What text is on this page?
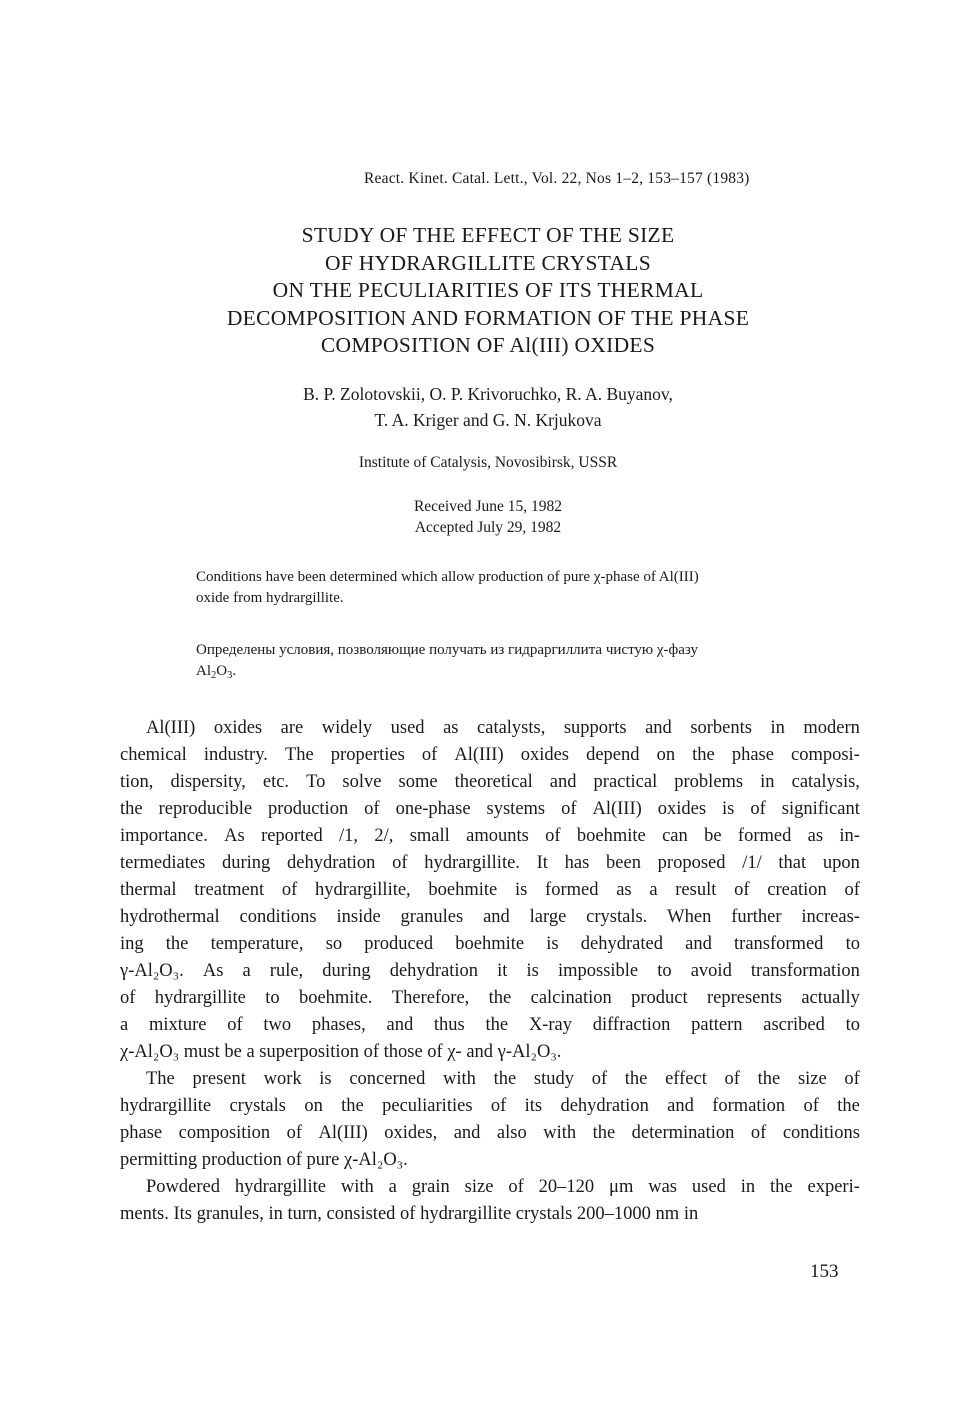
React. Kinet. Catal. Lett., Vol. 22, Nos 1–2, 153–157 (1983)
STUDY OF THE EFFECT OF THE SIZE
OF HYDRARGILLITE CRYSTALS
ON THE PECULIARITIES OF ITS THERMAL
DECOMPOSITION AND FORMATION OF THE PHASE
COMPOSITION OF Al(III) OXIDES
B. P. Zolotovskii, O. P. Krivoruchko, R. A. Buyanov,
T. A. Kriger and G. N. Krjukova
Institute of Catalysis, Novosibirsk, USSR
Received June 15, 1982
Accepted July 29, 1982
Conditions have been determined which allow production of pure χ-phase of Al(III)
oxide from hydrargillite.
Определены условия, позволяющие получать из гидраргиллита чистую χ-фазу
$Al_2O_3$.
Al(III) oxides are widely used as catalysts, supports and sorbents in modern
chemical industry. The properties of Al(III) oxides depend on the phase composi-
tion, dispersity, etc. To solve some theoretical and practical problems in catalysis,
the reproducible production of one-phase systems of Al(III) oxides is of significant
importance. As reported /1, 2/, small amounts of boehmite can be formed as in-
termediates during dehydration of hydrargillite. It has been proposed /1/ that upon
thermal treatment of hydrargillite, boehmite is formed as a result of creation of
hydrothermal conditions inside granules and large crystals. When further increas-
ing the temperature, so produced boehmite is dehydrated and transformed to
γ-Al₂O₃. As a rule, during dehydration it is impossible to avoid transformation
of hydrargillite to boehmite. Therefore, the calcination product represents actually
a mixture of two phases, and thus the X-ray diffraction pattern ascribed to
χ-Al₂O₃ must be a superposition of those of χ- and γ-Al₂O₃.
The present work is concerned with the study of the effect of the size of
hydrargillite crystals on the peculiarities of its dehydration and formation of the
phase composition of Al(III) oxides, and also with the determination of conditions
permitting production of pure χ-Al₂O₃.
Powdered hydrargillite with a grain size of 20–120 μm was used in the experi-
ments. Its granules, in turn, consisted of hydrargillite crystals 200–1000 nm in
153
